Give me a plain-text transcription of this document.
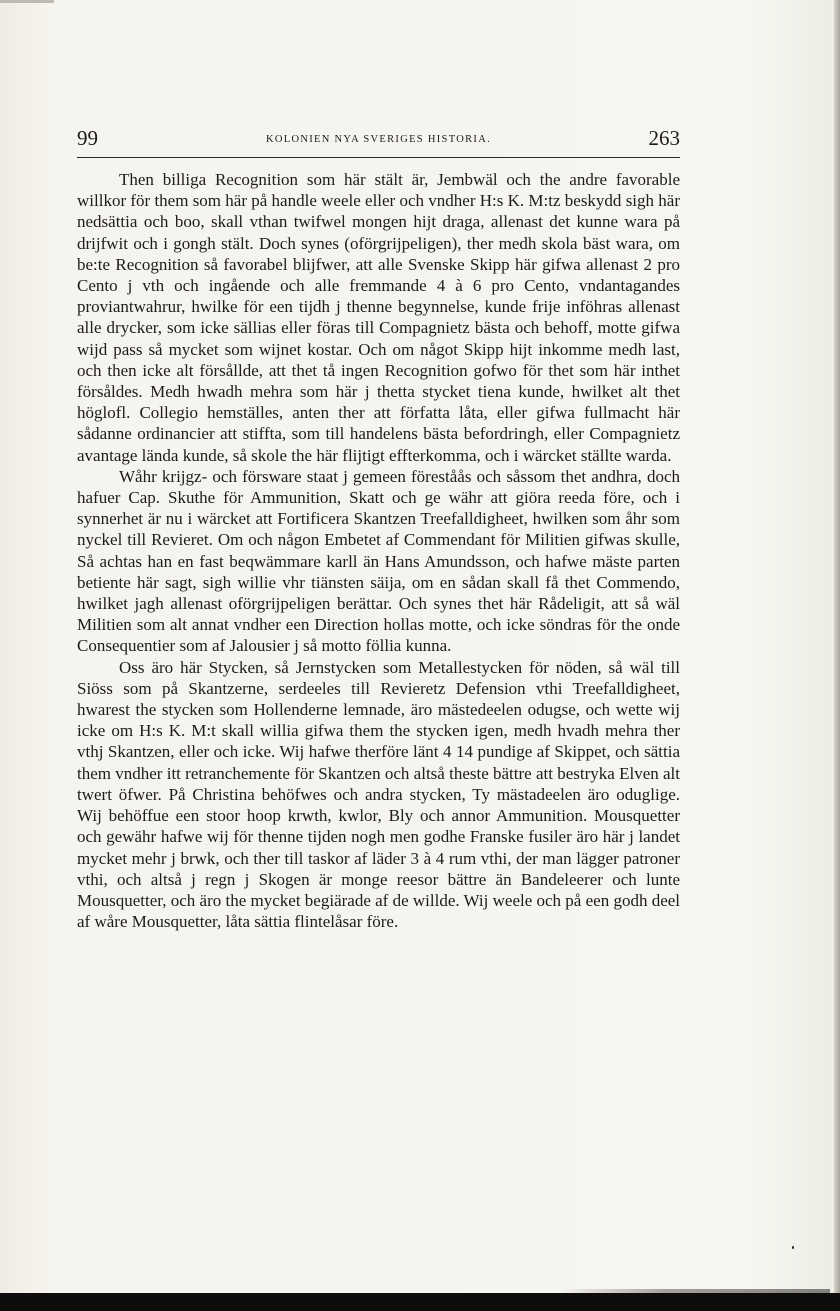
99	KOLONIEN NYA SVERIGES HISTORIA.	263

Then billiga Recognition som här stält är, Jembwäl och the andre favorable willkor för them som här på handle weele eller och vndher H:s K. M:tz beskydd sigh här nedsättia och boo, skall vthan twifwel mongen hijt draga, allenast det kunne wara på drijfwit och i gongh stält. Doch synes (oförgrijpeligen), ther medh skola bäst wara, om be:te Recognition så favorabel blijfwer, att alle Svenske Skipp här gifwa allenast 2 pro Cento j vth och ingående och alle fremmande 4 à 6 pro Cento, vndantagandes proviantwahrur, hwilke för een tijdh j thenne begynnelse, kunde frije inföhras allenast alle drycker, som icke sällias eller föras till Compagnietz bästa och behoff, motte gifwa wijd pass så mycket som wijnet kostar. Och om något Skipp hijt inkomme medh last, och then icke alt försållde, att thet tå ingen Recognition gofwo för thet som här inthet försåldes. Medh hwadh mehra som här j thetta stycket tiena kunde, hwilket alt thet höglofl. Collegio hemställes, anten ther att författa låta, eller gifwa fullmacht här sådanne ordinancier att stiffta, som till handelens bästa befordringh, eller Compagnietz avantage lända kunde, så skole the här flijtigt effterkomma, och i wärcket ställte warda.

Wåhr krijgz- och försware staat j gemeen föreståås och såssom thet andhra, doch hafuer Cap. Skuthe för Ammunition, Skatt och ge währ att giöra reeda före, och i synnerhet är nu i wärcket att Fortificera Skantzen Treefalldigheet, hwilken som åhr som nyckel till Revieret. Om och någon Embetet af Commendant för Militien gifwas skulle, Så achtas han en fast beqwämmare karll än Hans Amundsson, och hafwe mäste parten betiente här sagt, sigh willie vhr tiänsten säija, om en sådan skall få thet Commendo, hwilket jagh allenast oförgrijpeligen berättar. Och synes thet här Rådeligit, att så wäl Militien som alt annat vndher een Direction hollas motte, och icke söndras för the onde Consequentier som af Jalousier j så motto föllia kunna.

Oss äro här Stycken, så Jernstycken som Metallestycken för nöden, så wäl till Siöss som på Skantzerne, serdeeles till Revieretz Defension vthi Treefalldigheet, hwarest the stycken som Hollenderne lemnade, äro mästedeelen odugse, och wette wij icke om H:s K. M:t skall willia gifwa them the stycken igen, medh hvadh mehra ther vthj Skantzen, eller och icke. Wij hafwe therföre länt 4 14 pundige af Skippet, och sättia them vndher itt retranchemente för Skantzen och altså theste bättre att bestryka Elven alt twert öfwer. På Christina behöfwes och andra stycken, Ty mästadeelen äro oduglige. Wij behöffue een stoor hoop krwth, kwlor, Bly och annor Ammunition. Mousquetter och gewähr hafwe wij för thenne tijden nogh men godhe Franske fusiler äro här j landet mycket mehr j brwk, och ther till taskor af läder 3 à 4 rum vthi, der man lägger patroner vthi, och altså j regn j Skogen är monge reesor bättre än Bandeleerer och lunte Mousquetter, och äro the mycket begiärade af de willde. Wij weele och på een godh deel af wåre Mousquetter, låta sättia flintelåsar före.
